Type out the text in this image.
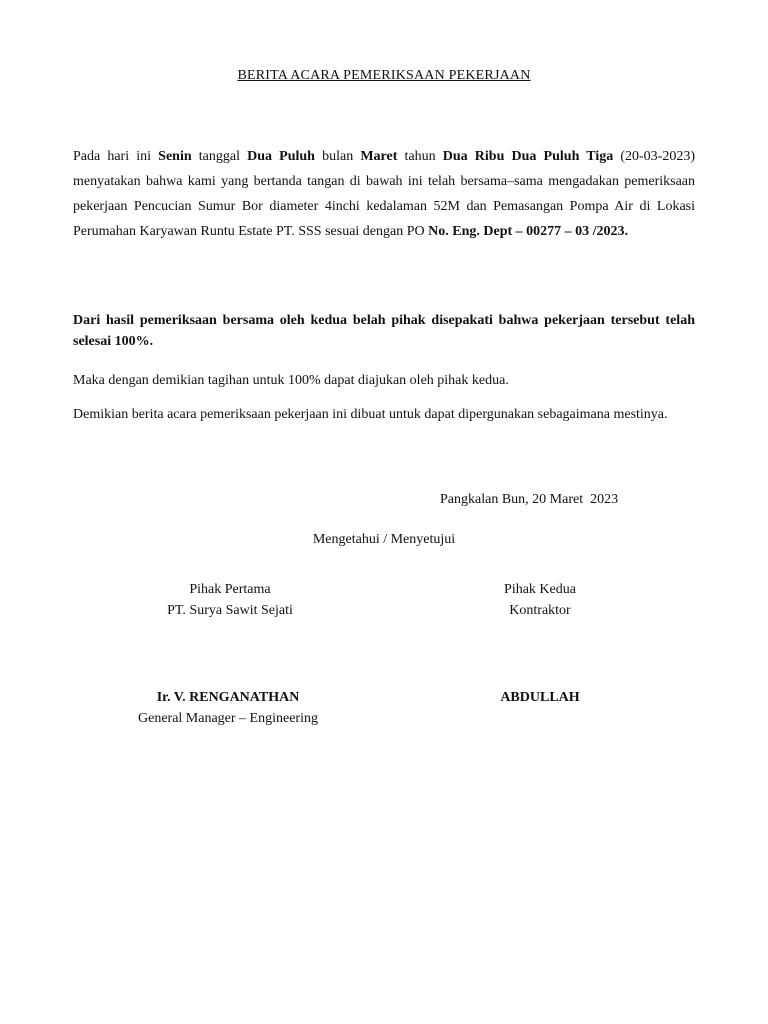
BERITA ACARA PEMERIKSAAN PEKERJAAN
Pada hari ini Senin tanggal Dua Puluh bulan Maret tahun Dua Ribu Dua Puluh Tiga (20-03-2023) menyatakan bahwa kami yang bertanda tangan di bawah ini telah bersama–sama mengadakan pemeriksaan pekerjaan Pencucian Sumur Bor diameter 4inchi kedalaman 52M dan Pemasangan Pompa Air di Lokasi Perumahan Karyawan Runtu Estate PT. SSS sesuai dengan PO No. Eng. Dept – 00277 – 03 /2023.
Dari hasil pemeriksaan bersama oleh kedua belah pihak disepakati bahwa pekerjaan tersebut telah selesai 100%.
Maka dengan demikian tagihan untuk 100% dapat diajukan oleh pihak kedua.
Demikian berita acara pemeriksaan pekerjaan ini dibuat untuk dapat dipergunakan sebagaimana mestinya.
Pangkalan Bun, 20 Maret  2023
Mengetahui / Menyetujui
Pihak Pertama
PT. Surya Sawit Sejati
Pihak Kedua
Kontraktor
Ir. V. RENGANATHAN
General Manager – Engineering
ABDULLAH
